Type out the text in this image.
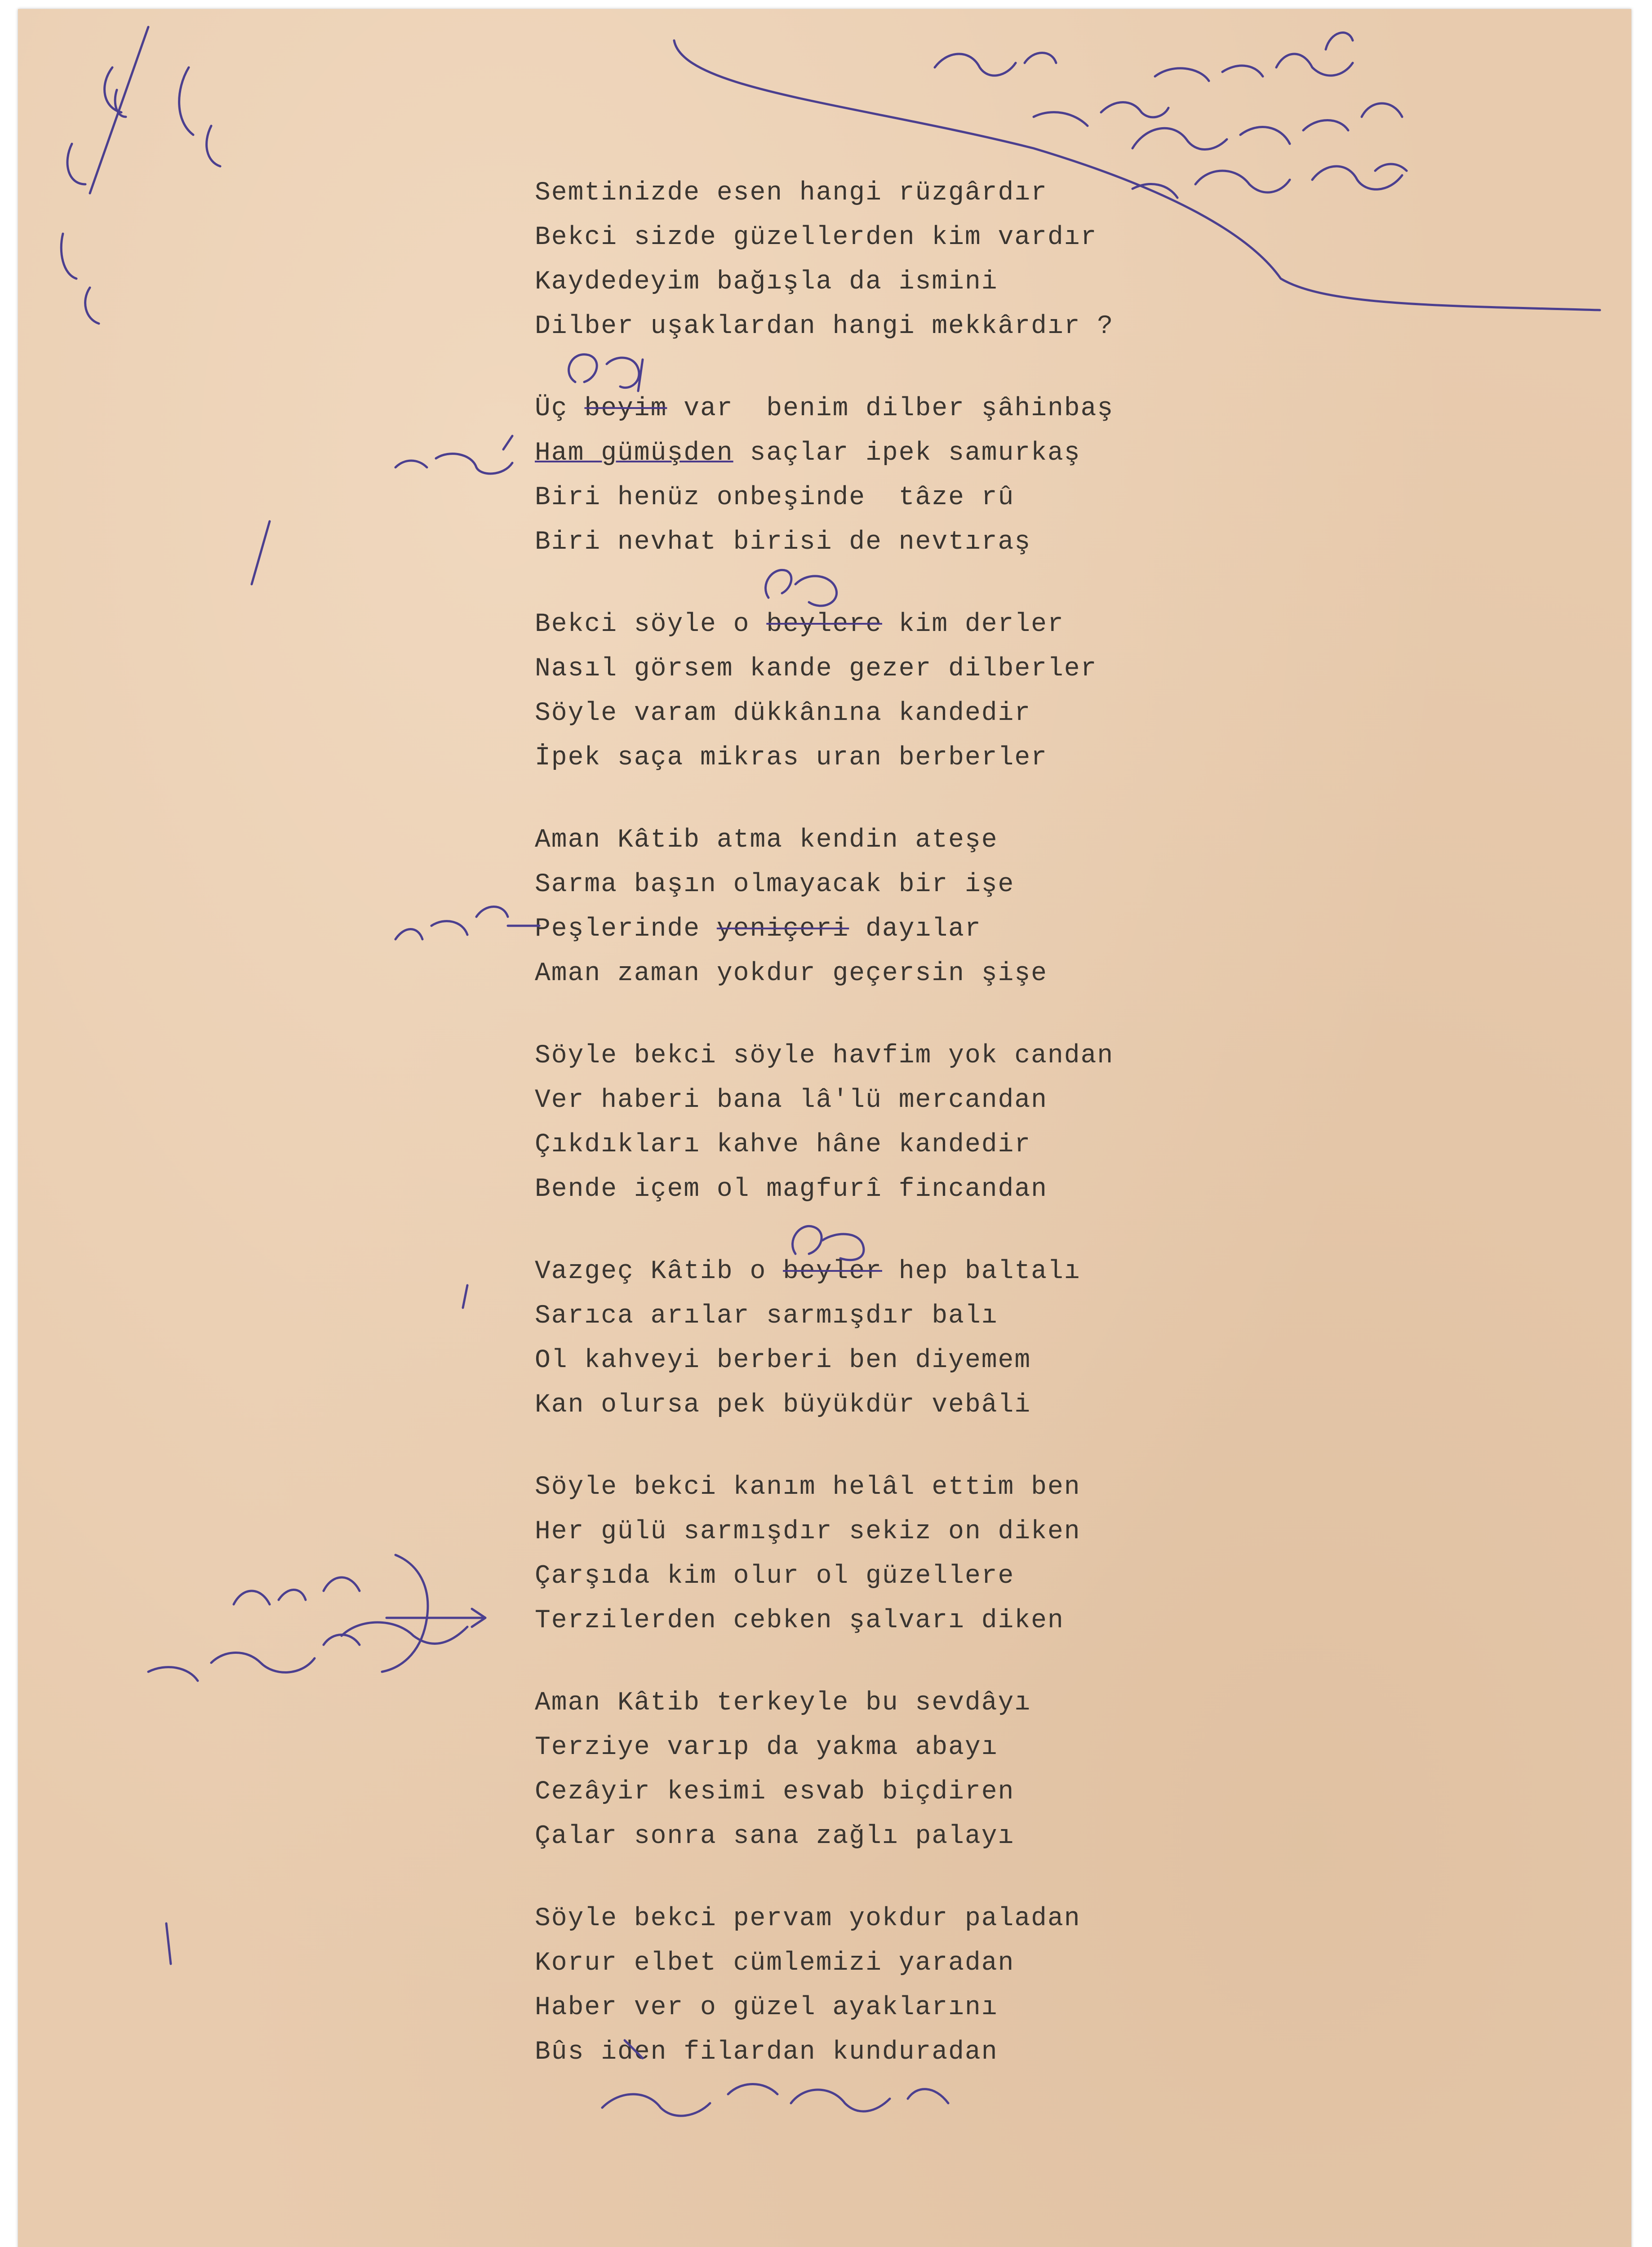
Semtinizde esen hangi rüzgârdır
Bekci sizde güzellerden kim vardır
Kaydedeyim bağışla da ismini
Dilber uşaklardan hangi mekkârdır ?
Üç beyim var  benim dilber şâhinbaş
Ham gümüşden saçlar ipek samurkaş
Biri henüz onbeşinde  tâze rû
Biri nevhat birisi de nevtıraş
Bekci söyle o beylere kim derler
Nasıl görsem kande gezer dilberler
Söyle varam dükkânına kandedir
İpek saça mikras uran berberler
Aman Kâtib atma kendin ateşe
Sarma başın olmayacak bir işe
Peşlerinde yeniçeri dayılar
Aman zaman yokdur geçersin şişe
Söyle bekci söyle havfim yok candan
Ver haberi bana lâ'lü mercandan
Çıkdıkları kahve hâne kandedir
Bende içem ol magfurî fincandan
Vazgeç Kâtib o beyler hep baltalı
Sarıca arılar sarmışdır balı
Ol kahveyi berberi ben diyemem
Kan olursa pek büyükdür vebâli
Söyle bekci kanım helâl ettim ben
Her gülü sarmışdır sekiz on diken
Çarşıda kim olur ol güzellere
Terzilerden cebken şalvarı diken
Aman Kâtib terkeyle bu sevdâyı
Terziye varıp da yakma abayı
Cezâyir kesimi esvab biçdiren
Çalar sonra sana zağlı palayı
Söyle bekci pervam yokdur paladan
Korur elbet cümlemizi yaradan
Haber ver o güzel ayaklarını
Bûs iden filardan kunduradan
